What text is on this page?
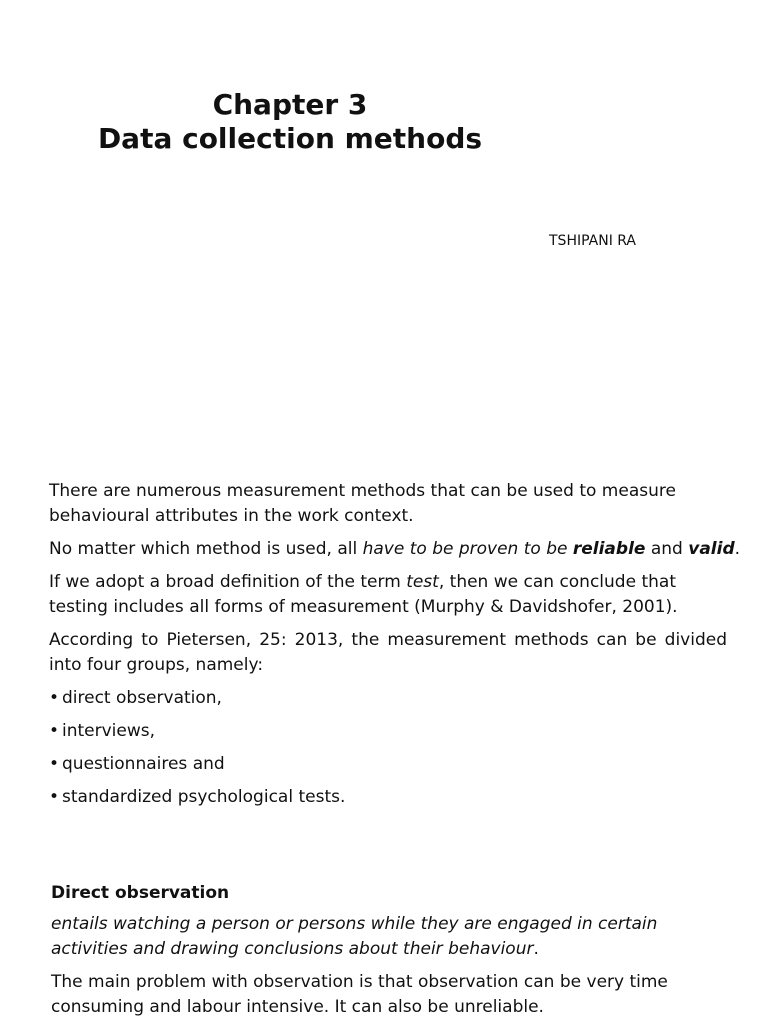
Chapter 3
Data collection methods
TSHIPANI RA

There are numerous measurement methods that can be used to measure behavioural attributes in the work context.

No matter which method is used, all have to be proven to be reliable and valid.

If we adopt a broad definition of the term test, then we can conclude that testing includes all forms of measurement (Murphy & Davidshofer, 2001).

According to Pietersen, 25: 2013, the measurement methods can be divided into four groups, namely:

• direct observation,
• interviews,
• questionnaires and
• standardized psychological tests.

Direct observation

entails watching a person or persons while they are engaged in certain activities and drawing conclusions about their behaviour.

The main problem with observation is that observation can be very time consuming and labour intensive. It can also be unreliable.
